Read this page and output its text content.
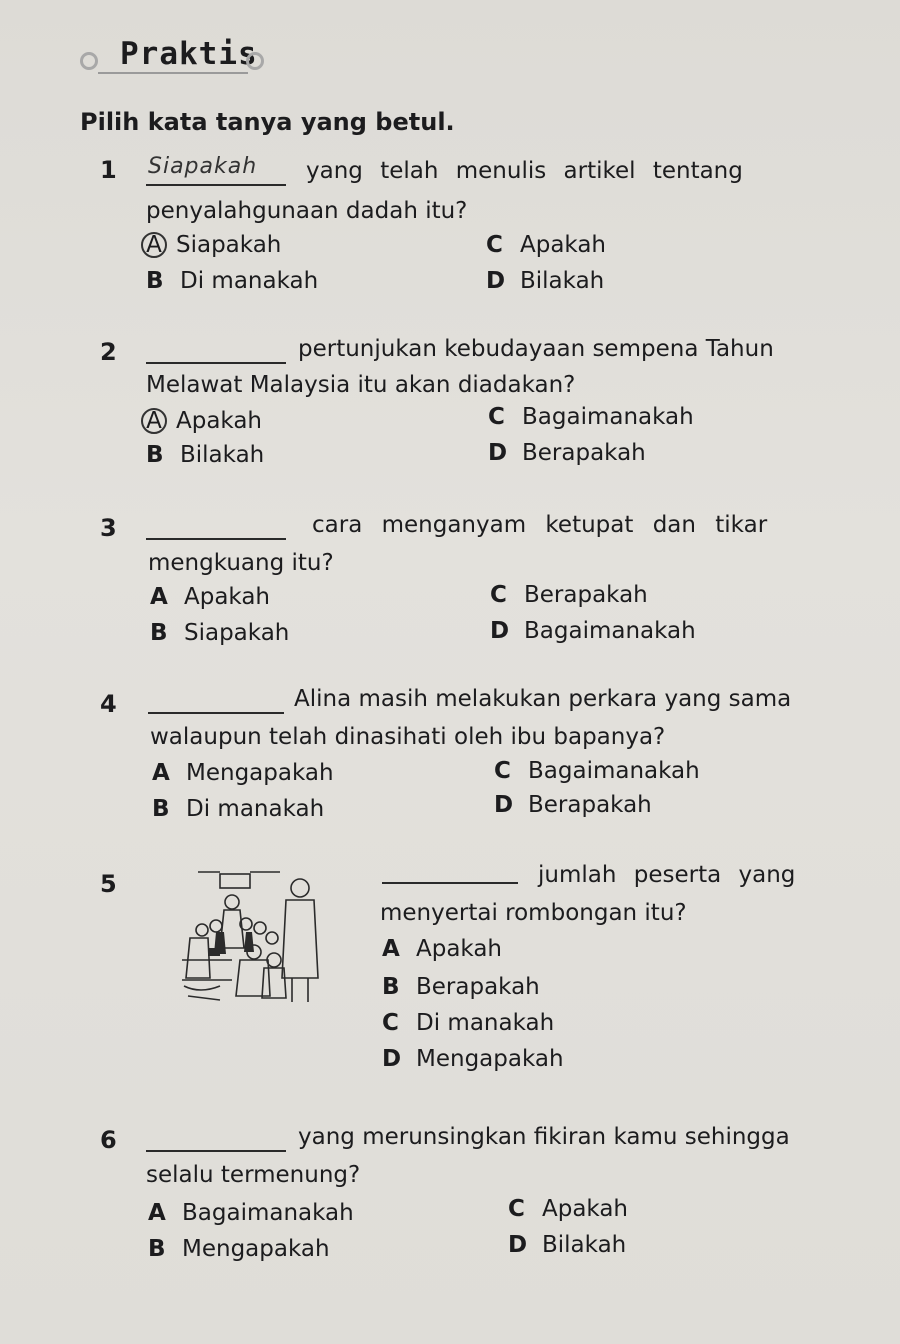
Praktis
Pilih kata tanya yang betul.
1 Siapakah yang telah menulis artikel tentang
penyalahgunaan dadah itu?
A Siapakah
B Di manakah
C Apakah
D Bilakah
2	pertunjukan kebudayaan sempena Tahun
Melawat Malaysia itu akan diadakan?
A Apakah
B Bilakah
C Bagaimanakah
D Berapakah
3	cara menganyam ketupat dan tikar
mengkuang itu?
A Apakah
B Siapakah
C Berapakah
D Bagaimanakah
4	Alina masih melakukan perkara yang sama
walaupun telah dinasihati oleh ibu bapanya?
A Mengapakah
B Di manakah
C Bagaimanakah
D Berapakah
5	jumlah peserta yang
menyertai rombongan itu?
A Apakah
B Berapakah
C Di manakah
D Mengapakah
6	yang merunsingkan fikiran kamu sehingga
selalu termenung?
A Bagaimanakah
B Mengapakah
C Apakah
D Bilakah
